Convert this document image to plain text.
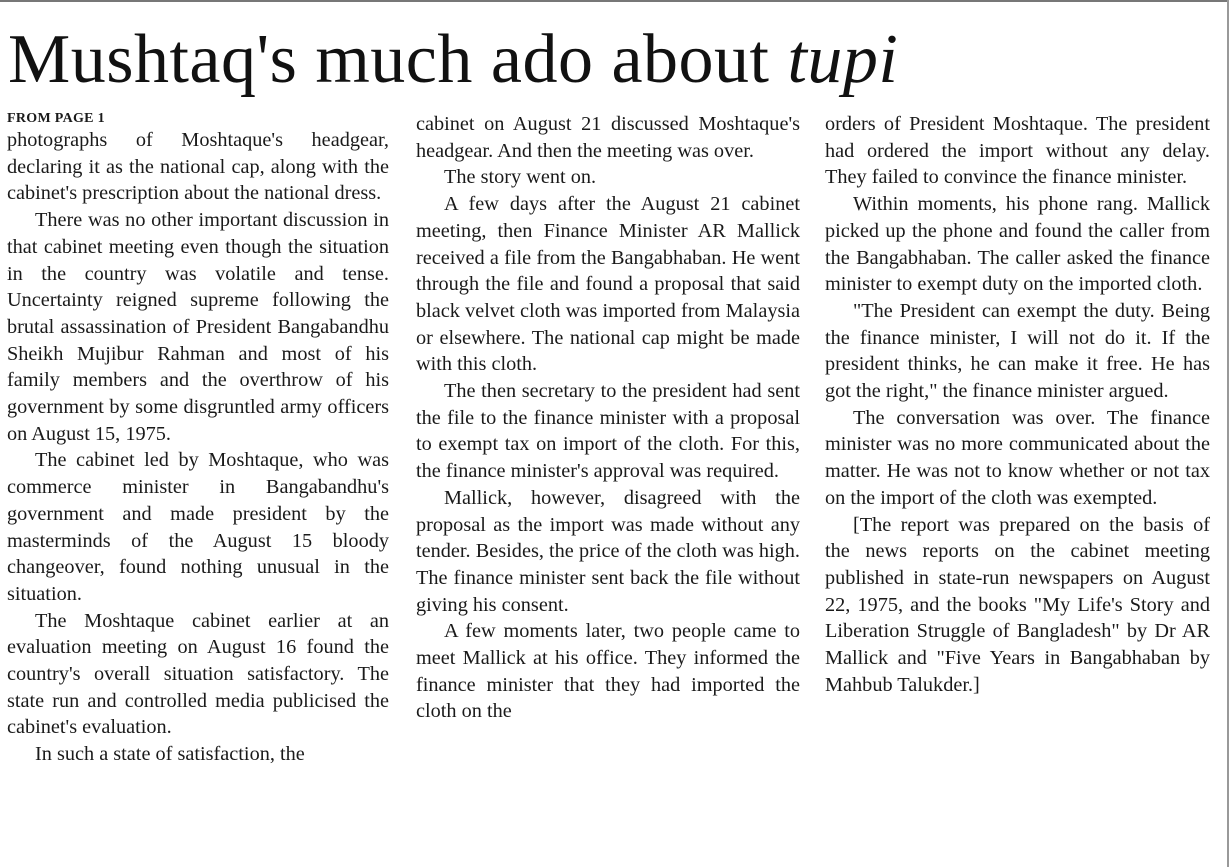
Mushtaq's much ado about tupi
FROM PAGE 1

photographs of Moshtaque's headgear, declaring it as the national cap, along with the cabinet's prescription about the national dress.

There was no other important discussion in that cabinet meeting even though the situation in the country was volatile and tense. Uncertainty reigned supreme following the brutal assassination of President Bangabandhu Sheikh Mujibur Rahman and most of his family members and the overthrow of his government by some disgruntled army officers on August 15, 1975.

The cabinet led by Moshtaque, who was commerce minister in Bangabandhu's government and made president by the masterminds of the August 15 bloody changeover, found nothing unusual in the situation.

The Moshtaque cabinet earlier at an evaluation meeting on August 16 found the country's overall situation satisfactory. The state run and controlled media publicised the cabinet's evaluation.

In such a state of satisfaction, the

cabinet on August 21 discussed Moshtaque's headgear. And then the meeting was over.

The story went on.

A few days after the August 21 cabinet meeting, then Finance Minister AR Mallick received a file from the Bangabhaban. He went through the file and found a proposal that said black velvet cloth was imported from Malaysia or elsewhere. The national cap might be made with this cloth.

The then secretary to the president had sent the file to the finance minister with a proposal to exempt tax on import of the cloth. For this, the finance minister's approval was required.

Mallick, however, disagreed with the proposal as the import was made without any tender. Besides, the price of the cloth was high. The finance minister sent back the file without giving his consent.

A few moments later, two people came to meet Mallick at his office. They informed the finance minister that they had imported the cloth on the

orders of President Moshtaque. The president had ordered the import without any delay. They failed to convince the finance minister.

Within moments, his phone rang. Mallick picked up the phone and found the caller from the Bangabhaban. The caller asked the finance minister to exempt duty on the imported cloth.

"The President can exempt the duty. Being the finance minister, I will not do it. If the president thinks, he can make it free. He has got the right," the finance minister argued.

The conversation was over. The finance minister was no more communicated about the matter. He was not to know whether or not tax on the import of the cloth was exempted.

[The report was prepared on the basis of the news reports on the cabinet meeting published in state-run newspapers on August 22, 1975, and the books "My Life's Story and Liberation Struggle of Bangladesh" by Dr AR Mallick and "Five Years in Bangabhaban by Mahbub Talukder.]
